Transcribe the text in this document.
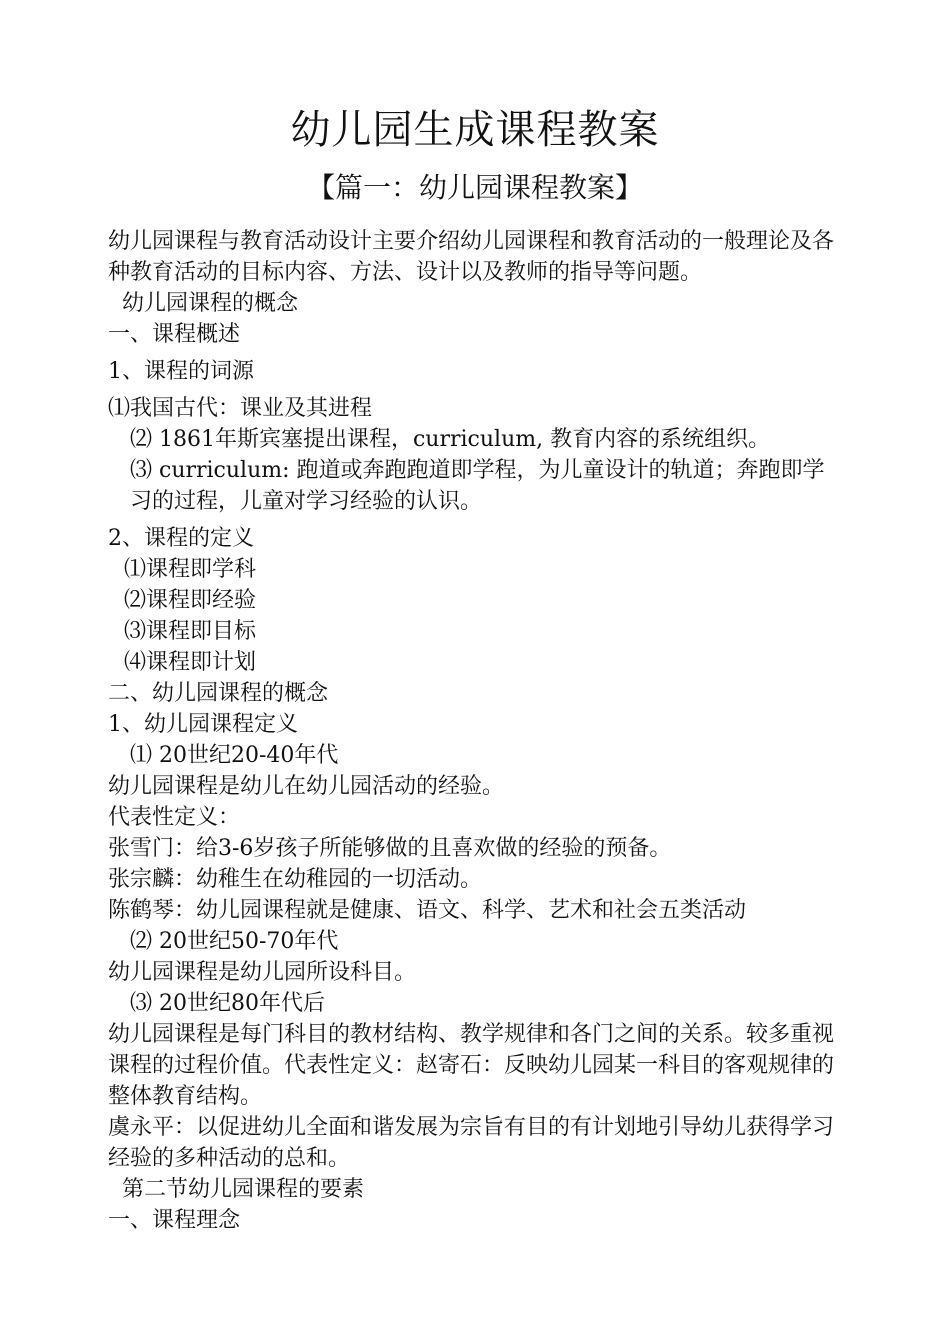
幼儿园生成课程教案
【篇一：幼儿园课程教案】

幼儿园课程与教育活动设计主要介绍幼儿园课程和教育活动的一般理论及各种教育活动的目标内容、方法、设计以及教师的指导等问题。

幼儿园课程的概念

一、课程概述

1、课程的词源

⑴我国古代：课业及其进程

⑵ 1861年斯宾塞提出课程，curriculum, 教育内容的系统组织。

⑶ curriculum: 跑道或奔跑跑道即学程，为儿童设计的轨道；奔跑即学习的过程，儿童对学习经验的认识。

2、课程的定义

⑴课程即学科

⑵课程即经验

⑶课程即目标

⑷课程即计划

二、幼儿园课程的概念

1、幼儿园课程定义

⑴ 20世纪20-40年代

幼儿园课程是幼儿在幼儿园活动的经验。

代表性定义：

张雪门：给3-6岁孩子所能够做的且喜欢做的经验的预备。

张宗麟：幼稚生在幼稚园的一切活动。

陈鹤琴：幼儿园课程就是健康、语文、科学、艺术和社会五类活动

⑵ 20世纪50-70年代

幼儿园课程是幼儿园所设科目。

⑶ 20世纪80年代后

幼儿园课程是每门科目的教材结构、教学规律和各门之间的关系。较多重视课程的过程价值。代表性定义：赵寄石：反映幼儿园某一科目的客观规律的整体教育结构。

虞永平：以促进幼儿全面和谐发展为宗旨有目的有计划地引导幼儿获得学习经验的多种活动的总和。

第二节幼儿园课程的要素

一、课程理念
